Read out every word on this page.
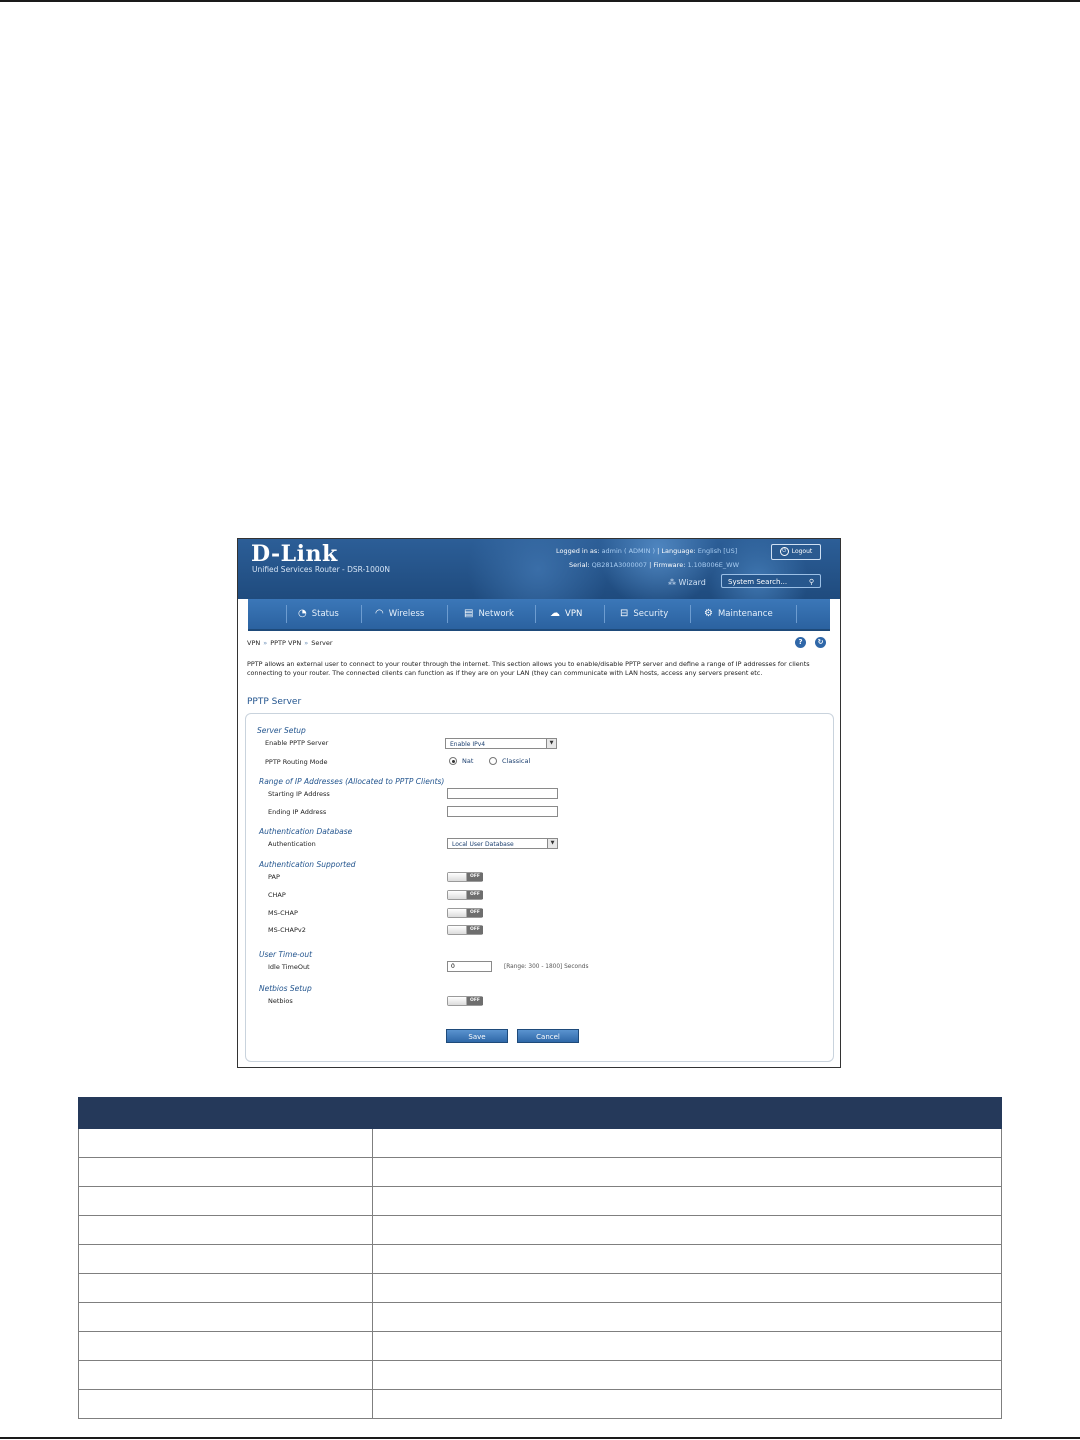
D-Link
Unified Services Router - DSR-1000N
Logged in as: admin ( ADMIN ) | Language: English [US]	⏻ Logout
Serial: QB281A3000007 | Firmware: 1.10B006E_WW
⁂ Wizard	System Search...	⚲
◔ Status	◠ Wireless	▤ Network	☁ VPN	⊟ Security	⚙ Maintenance
VPN » PPTP VPN » Server	?	↻
PPTP allows an external user to connect to your router through the internet. This section allows you to enable/disable PPTP server and define a range of IP addresses for clients connecting to your router. The connected clients can function as if they are on your LAN (they can communicate with LAN hosts, access any servers present etc.
PPTP Server
Server Setup
Enable PPTP Server	Enable IPv4	▼
PPTP Routing Mode	Nat	Classical
Range of IP Addresses (Allocated to PPTP Clients)
Starting IP Address
Ending IP Address
Authentication Database
Authentication	Local User Database	▼
Authentication Supported
PAP	OFF
CHAP	OFF
MS-CHAP	OFF
MS-CHAPv2	OFF
User Time-out
Idle TimeOut	0	[Range: 300 - 1800] Seconds
Netbios Setup
Netbios	OFF
Save	Cancel
